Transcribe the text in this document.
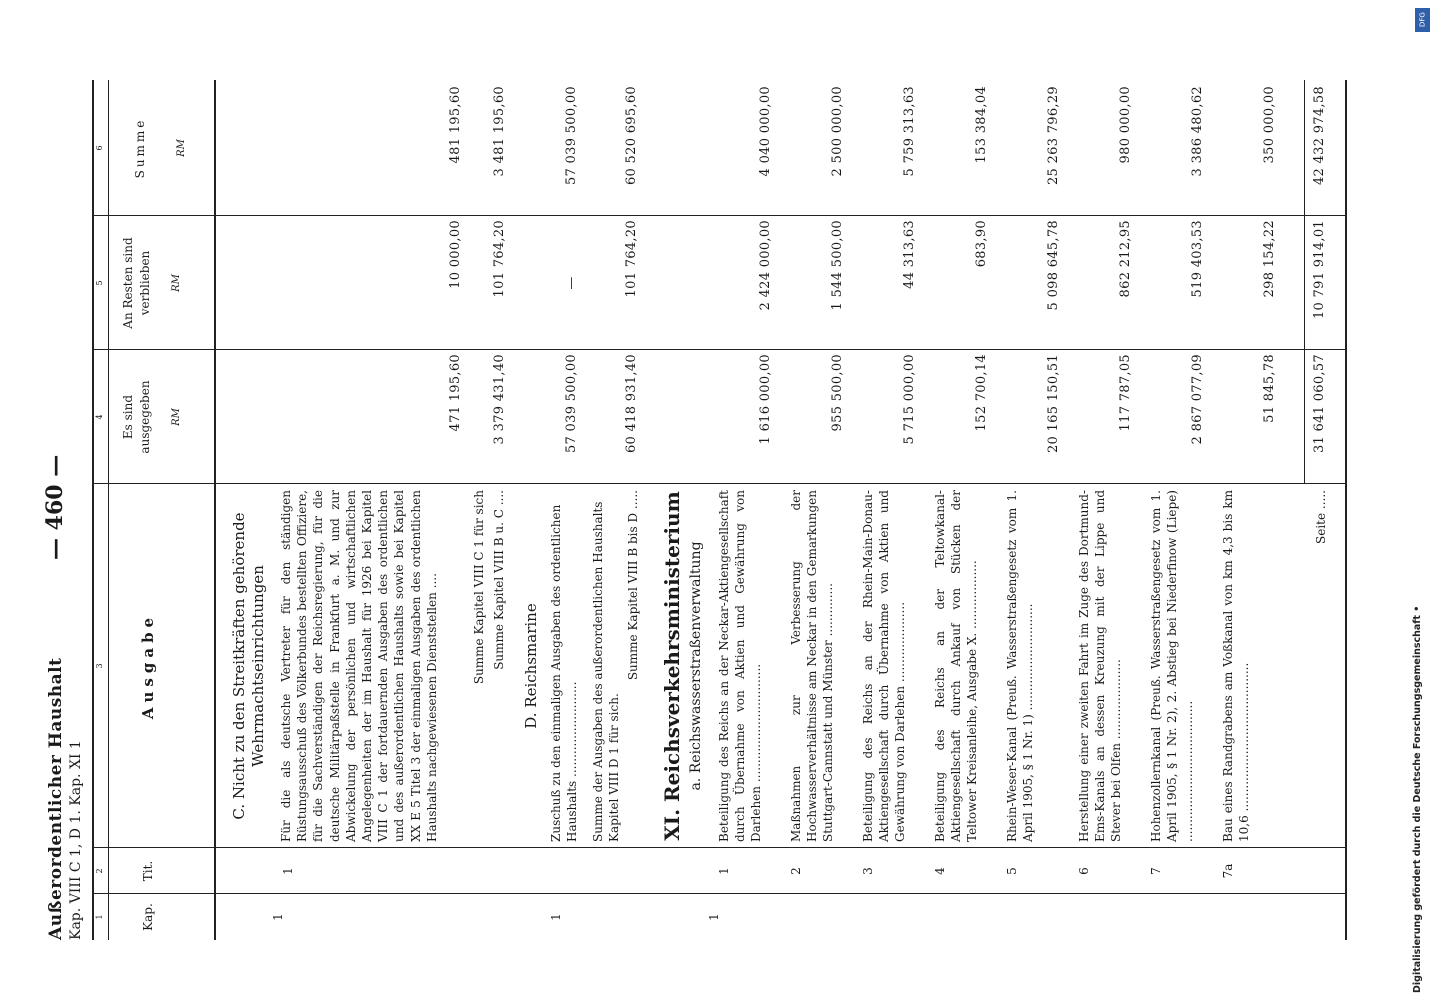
Außerordentlicher Haushalt Kap. VIII C 1, D 1. Kap. XI 1
— 460 —
1
2
3
4
5
6
Kap.
Tit.
Ausgabe
Es sind ausgegeben RM
An Resten sind verblieben RM
Summe	RM
C. Nicht zu den Streitkräften gehörende Wehrmachtseinrichtungen
1
1
Für die als deutsche Vertreter für den ständigen Rüstungsausschuß des Völkerbundes bestellten Offiziere, für die Sachverständigen der Reichsregierung, für die deutsche Militärpaßstelle in Frankfurt a. M. und zur Abwickelung der persönlichen und wirtschaftlichen Angelegenheiten der im Haushalt für 1926 bei Kapitel VIII C 1 der fortdauernden Ausgaben des ordentlichen und des außerordentlichen Haushalts sowie bei Kapitel XX E 5 Titel 3 der einmaligen Ausgaben des ordentlichen Haushalts nachgewiesenen Dienststellen ....
471 195,60
10 000,00
481 195,60
Summe Kapitel VIII C 1 für sich Summe Kapitel VIII B u. C ....
3 379 431,40
101 764,20
3 481 195,60
D. Reichsmarine
1
Zuschuß zu den einmaligen Ausgaben des ordentlichen Haushalts .........................
57 039 500,00
—
57 039 500,00
Summe der Ausgaben des außerordentlichen Haushalts Kapitel VIII D 1 für sich.
Summe Kapitel VIII B bis D .....
60 418 931,40
101 764,20
60 520 695,60
XI. Reichsverkehrsministerium a. Reichswasserstraßenverwaltung
1
1
Beteiligung des Reichs an der Neckar-Aktiengesellschaft durch Übernahme von Aktien und Gewährung von Darlehen ...............................
1 616 000,00
2 424 000,00
4 040 000,00
2
Maßnahmen zur Verbesserung der Hochwasserverhältnisse am Neckar in den Gemarkungen Stuttgart-Cannstatt und Münster ..............
955 500,00
1 544 500,00
2 500 000,00
3
Beteiligung des Reichs an der Rhein-Main-Donau-Aktiengesellschaft durch Übernahme von Aktien und Gewährung von Darlehen .....................
5 715 000,00
44 313,63
5 759 313,63
4
Beteiligung des Reichs an der Teltowkanal-Aktiengesellschaft durch Ankauf von Stücken der Teltower Kreisanleihe, Ausgabe X. ..................
152 700,14
683,90
153 384,04
5
Rhein-Weser-Kanal (Preuß. Wasserstraßengesetz vom 1. April 1905, § 1 Nr. 1) ............................
20 165 150,51
5 098 645,78
25 263 796,29
6
Herstellung einer zweiten Fahrt im Zuge des Dortmund-Ems-Kanals an dessen Kreuzung mit der Lippe und Stever bei Olfen .....................
117 787,05
862 212,95
980 000,00
7
Hohenzollernkanal (Preuß. Wasserstraßengesetz vom 1. April 1905, § 1 Nr. 2), 2. Abstieg bei Niederfinow (Liepe) .....................................
2 867 077,09
519 403,53
3 386 480,62
7a
Bau eines Randgrabens am Voßkanal von km 4,3 bis km 10,6 .......................................
51 845,78
298 154,22
350 000,00
Seite .....
31 641 060,57
10 791 914,01
42 432 974,58
Digitalisierung gefördert durch die Deutsche Forschungsgemeinschaft •
DFG
